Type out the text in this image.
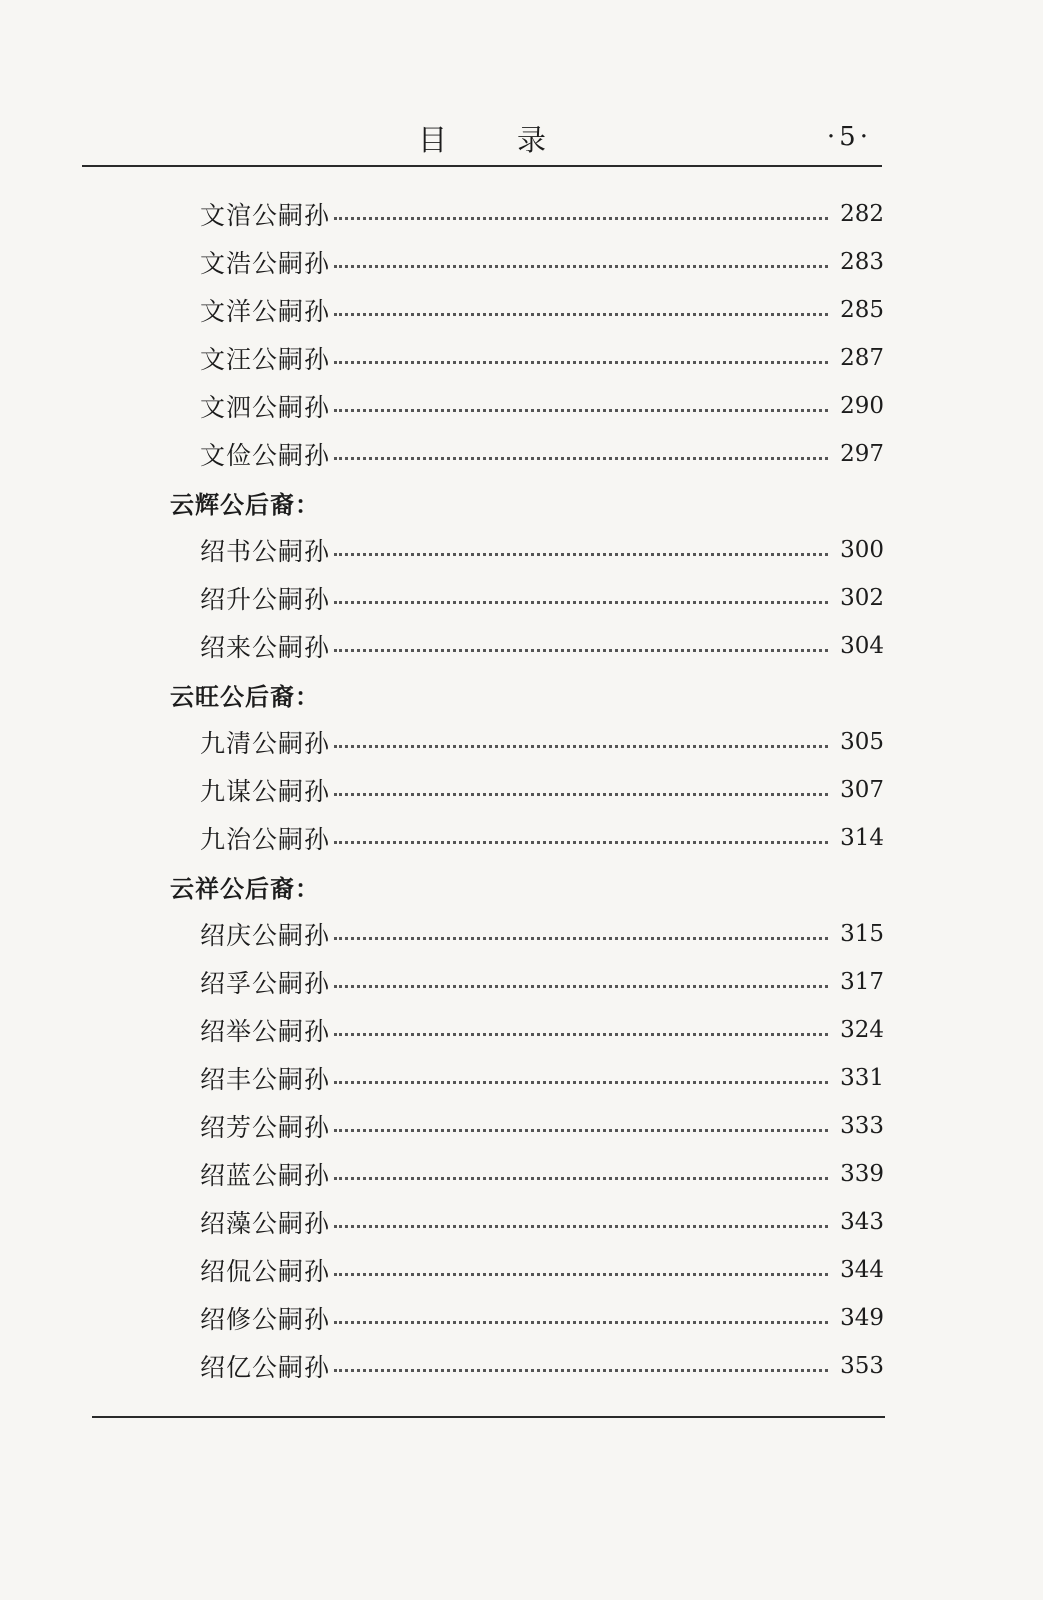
目录	·5·
文涫公嗣孙	282
文浩公嗣孙	283
文洋公嗣孙	285
文汪公嗣孙	287
文泗公嗣孙	290
文俭公嗣孙	297
云辉公后裔：
绍书公嗣孙	300
绍升公嗣孙	302
绍来公嗣孙	304
云旺公后裔：
九清公嗣孙	305
九谋公嗣孙	307
九治公嗣孙	314
云祥公后裔：
绍庆公嗣孙	315
绍孚公嗣孙	317
绍举公嗣孙	324
绍丰公嗣孙	331
绍芳公嗣孙	333
绍蓝公嗣孙	339
绍藻公嗣孙	343
绍侃公嗣孙	344
绍修公嗣孙	349
绍亿公嗣孙	353
